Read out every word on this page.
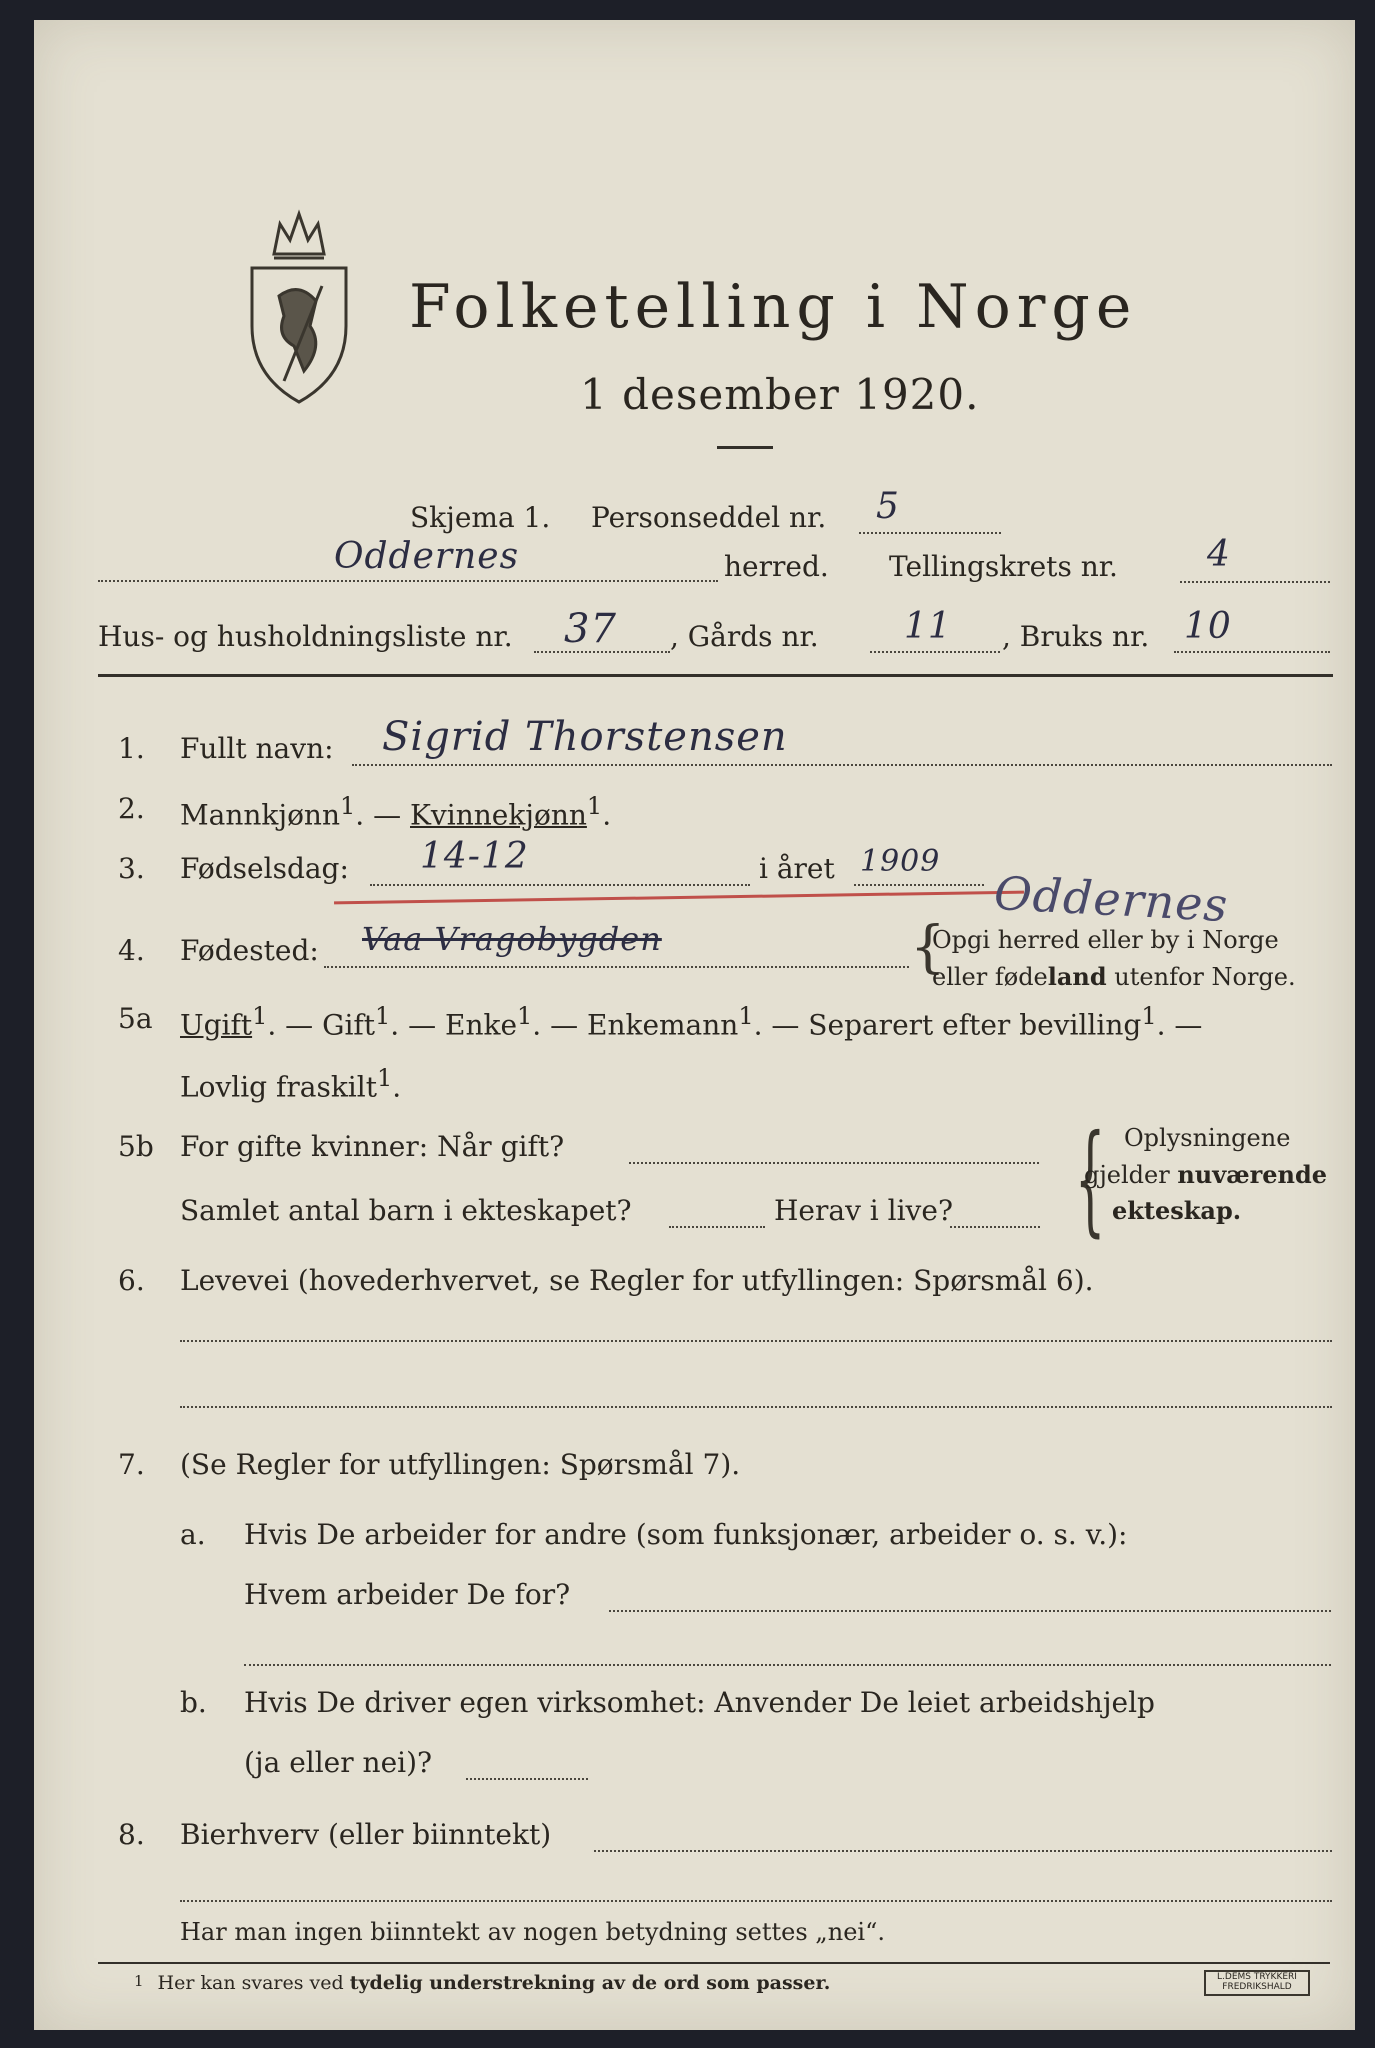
Folketelling i Norge
1 desember 1920.
Skjema 1. Personseddel nr. 5
Oddernes	herred. Tellingskrets nr. 4
Hus- og husholdningsliste nr. 37 , Gårds nr. 11 , Bruks nr. 10
1. Fullt navn: Sigrid Thorstensen
2. Mannkjønn$^1$. — Kvinnekjønn$^1$.
3. Fødselsdag: 14-12	i året 1909
4. Fødested: Vaa Vragobygden
Oddernes
{
Opgi herred eller by i Norge
eller fødeland utenfor Norge.
5a Ugift$^1$. — Gift$^1$. — Enke$^1$. — Enkemann$^1$. — Separert efter bevilling$^1$. —
Lovlig fraskilt$^1$.
5b For gifte kvinner: Når gift?
Samlet antal barn i ekteskapet?	Herav i live? { Oplysningene
gjelder nuværende
ekteskap.
6. Levevei (hovederhvervet, se Regler for utfyllingen: Spørsmål 6).
7. (Se Regler for utfyllingen: Spørsmål 7).
a. Hvis De arbeider for andre (som funksjonær, arbeider o. s. v.):
Hvem arbeider De for?
b. Hvis De driver egen virksomhet: Anvender De leiet arbeidshjelp
(ja eller nei)?
8. Bierhverv (eller biinntekt)
Har man ingen biinntekt av nogen betydning settes „nei“.
$^1$ Her kan svares ved tydelig understrekning av de ord som passer.	L.DEMS TRYKKERI FREDRIKSHALD
